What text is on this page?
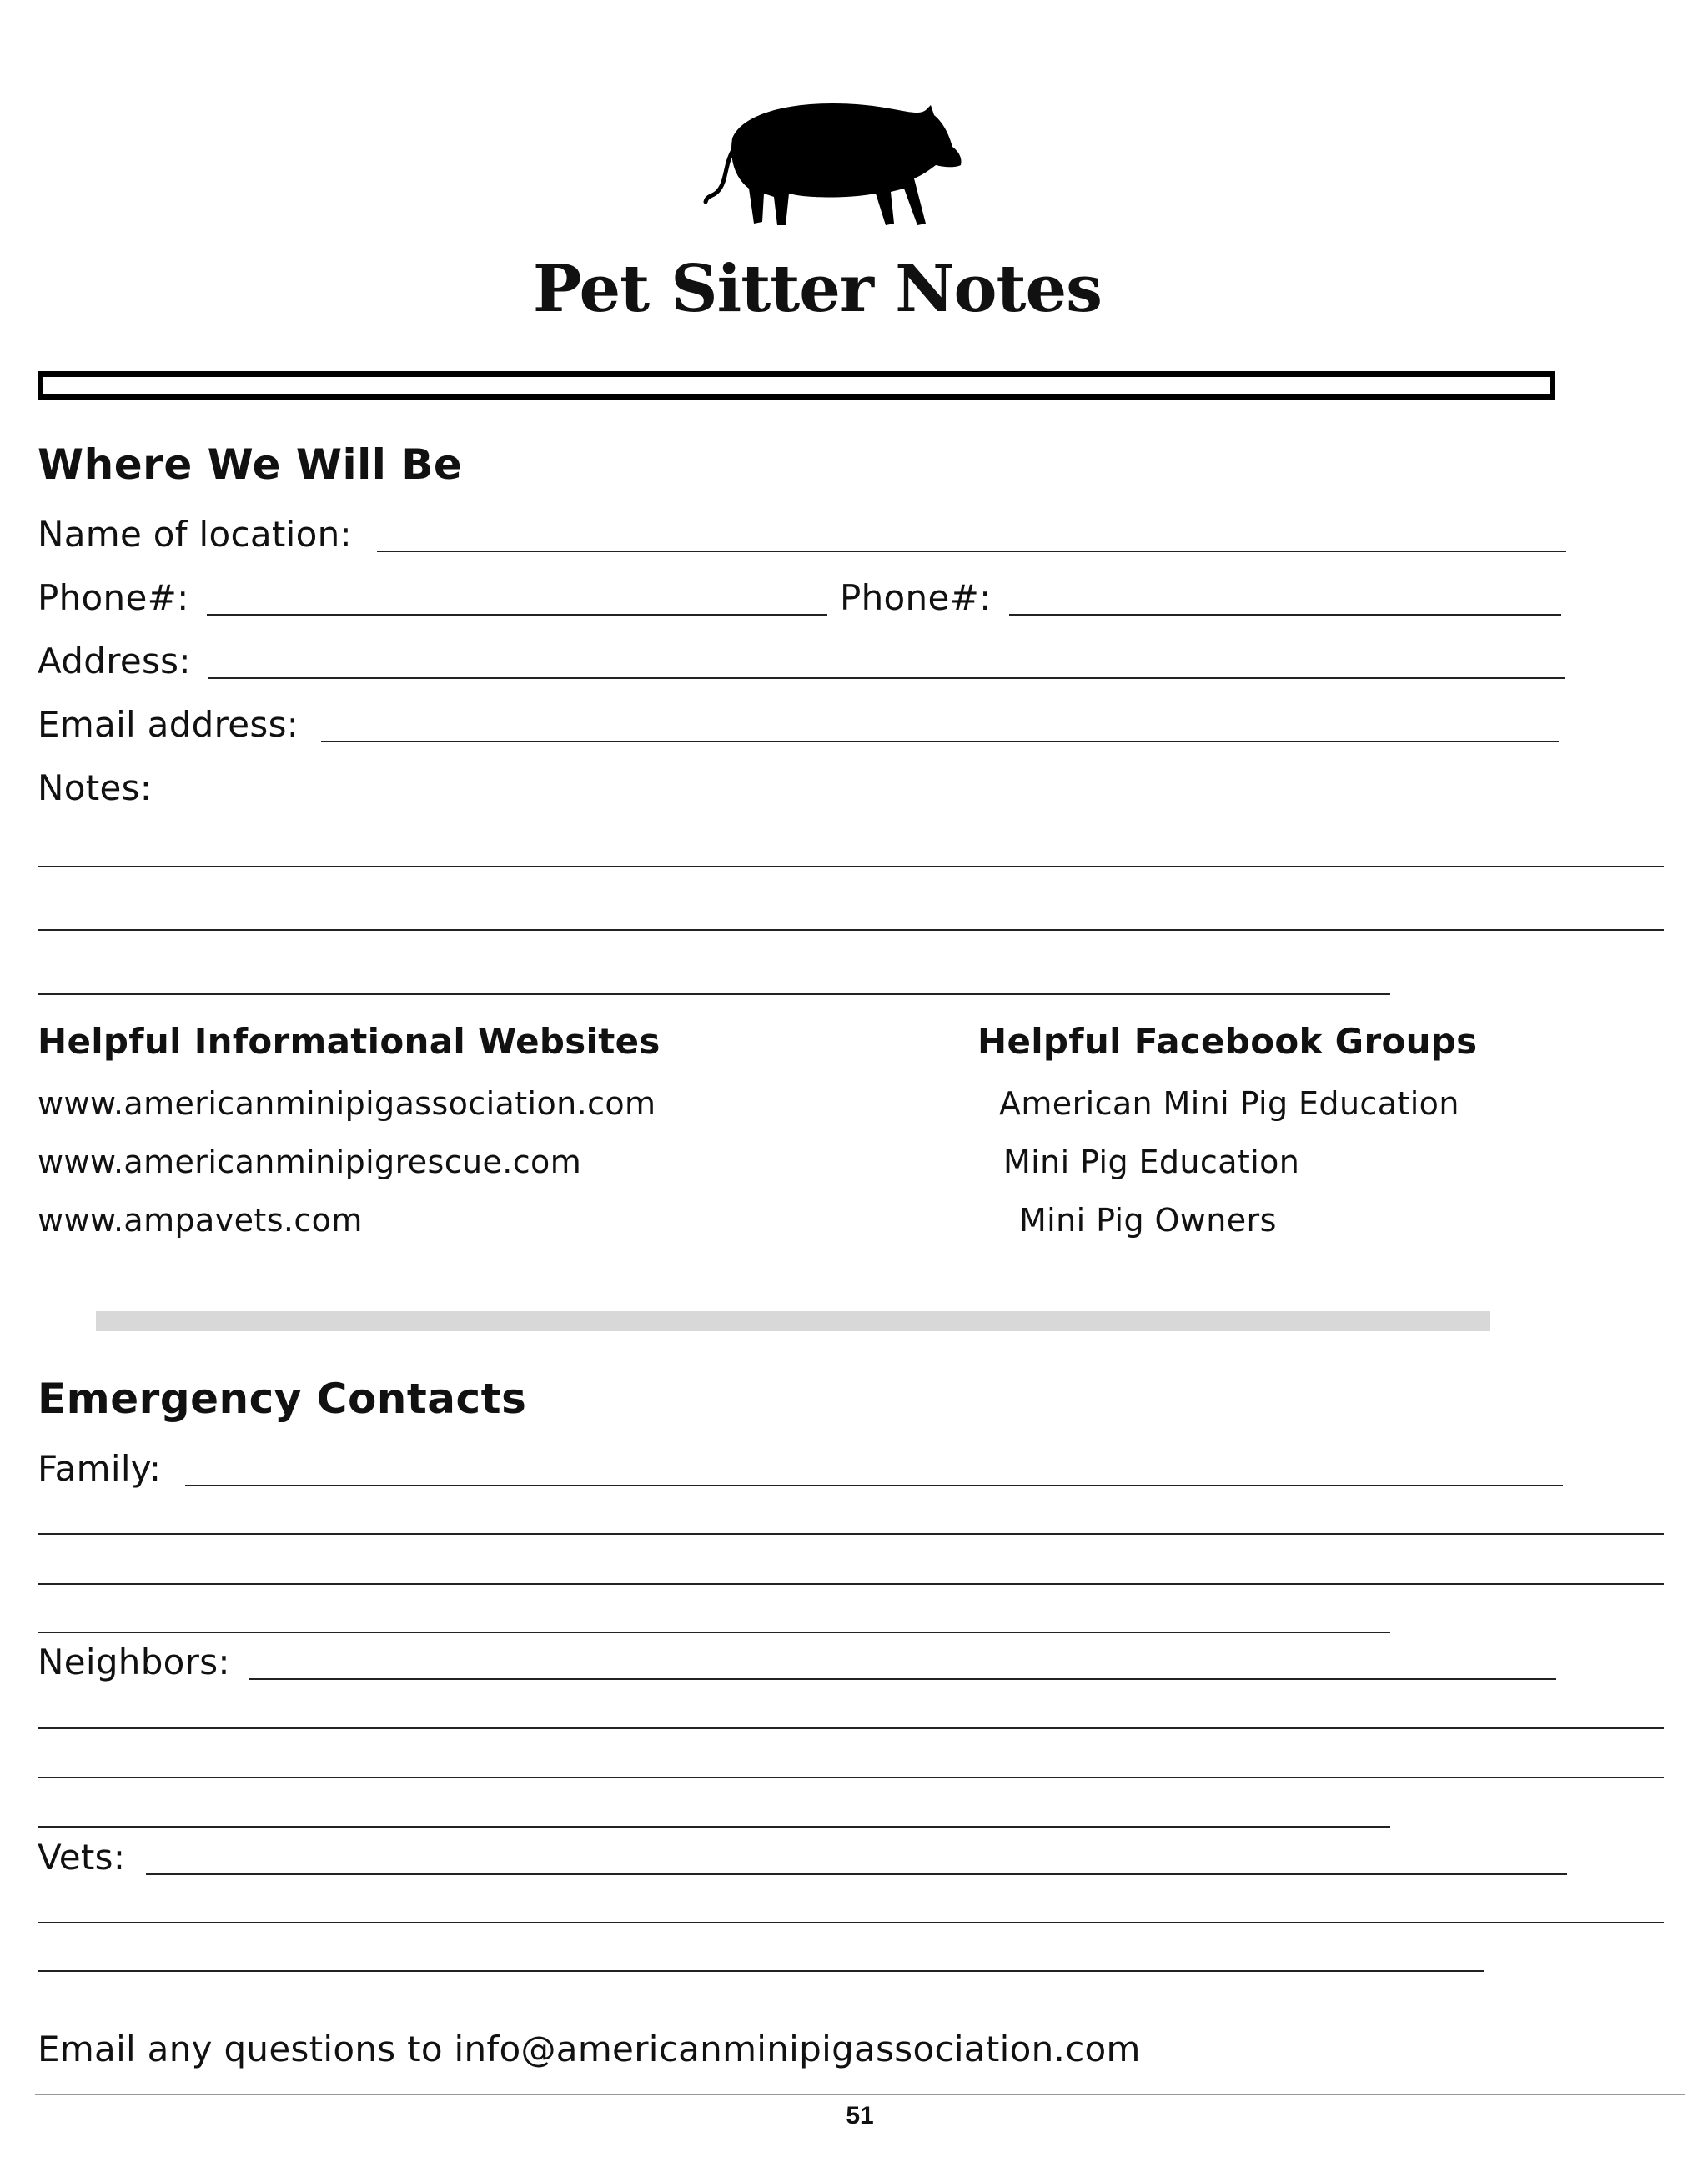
Pet Sitter Notes
Where We Will Be
Name of location:
Phone#:	Phone#:
Address:
Email address:
Notes:
Helpful Informational Websites
www.americanminipigassociation.com
www.americanminipigrescue.com
www.ampavets.com
Helpful Facebook Groups
American Mini Pig Education
Mini Pig Education
Mini Pig Owners
Emergency Contacts
Family:
Neighbors:
Vets:
Email any questions to info@americanminipigassociation.com
51
